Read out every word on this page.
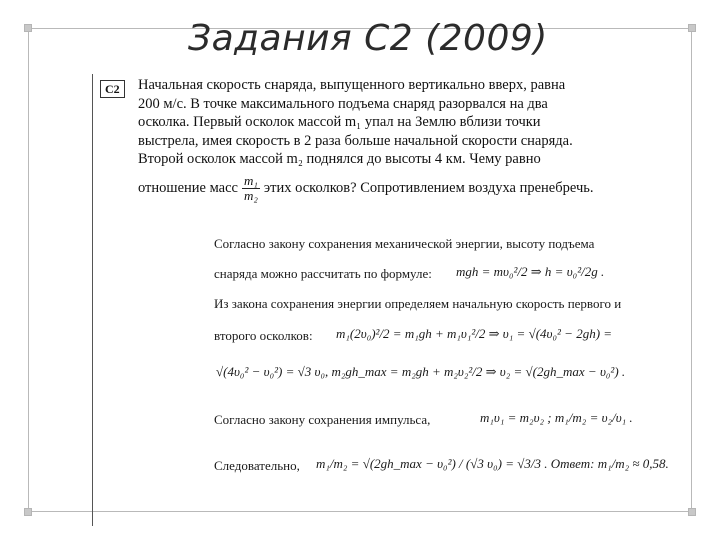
Задания С2 (2009)
С2	Начальная скорость снаряда, выпущенного вертикально вверх, равна

200 м/с. В точке максимального подъема снаряд разорвался на два

осколка. Первый осколок массой m₁ упал на Землю вблизи точки

выстрела, имея скорость в 2 раза больше начальной скорости снаряда.

Второй осколок массой m₂ поднялся до высоты 4 км. Чему равно

отношение масс $\frac{\text{m₁}}{\text{m₂}}$ этих осколков? Сопротивлением воздуха пренебречь.
Согласно закону сохранения механической энергии, высоту подъема
снаряда можно рассчитать по формуле:	mgh = mυ₀²/2 ⇒ h = υ₀²/2g .
Из закона сохранения энергии определяем начальную скорость первого и
второго осколков:	m₁(2υ₀)²/2 = m₁gh + m₁υ₁²/2 ⇒ υ₁ = √(4υ₀² − 2gh) =
√(4υ₀² − υ₀²) = √3 υ₀, m₂gh_max = m₂gh + m₂υ₂²/2 ⇒ υ₂ = √(2gh_max − υ₀²) .
Согласно закону сохранения импульса,	m₁υ₁ = m₂υ₂ ; m₁/m₂ = υ₂/υ₁ .
Следовательно,	m₁/m₂ = √(2gh_max − υ₀²) / (√3 υ₀) = √3/3 . Ответ: m₁/m₂ ≈ 0,58.
